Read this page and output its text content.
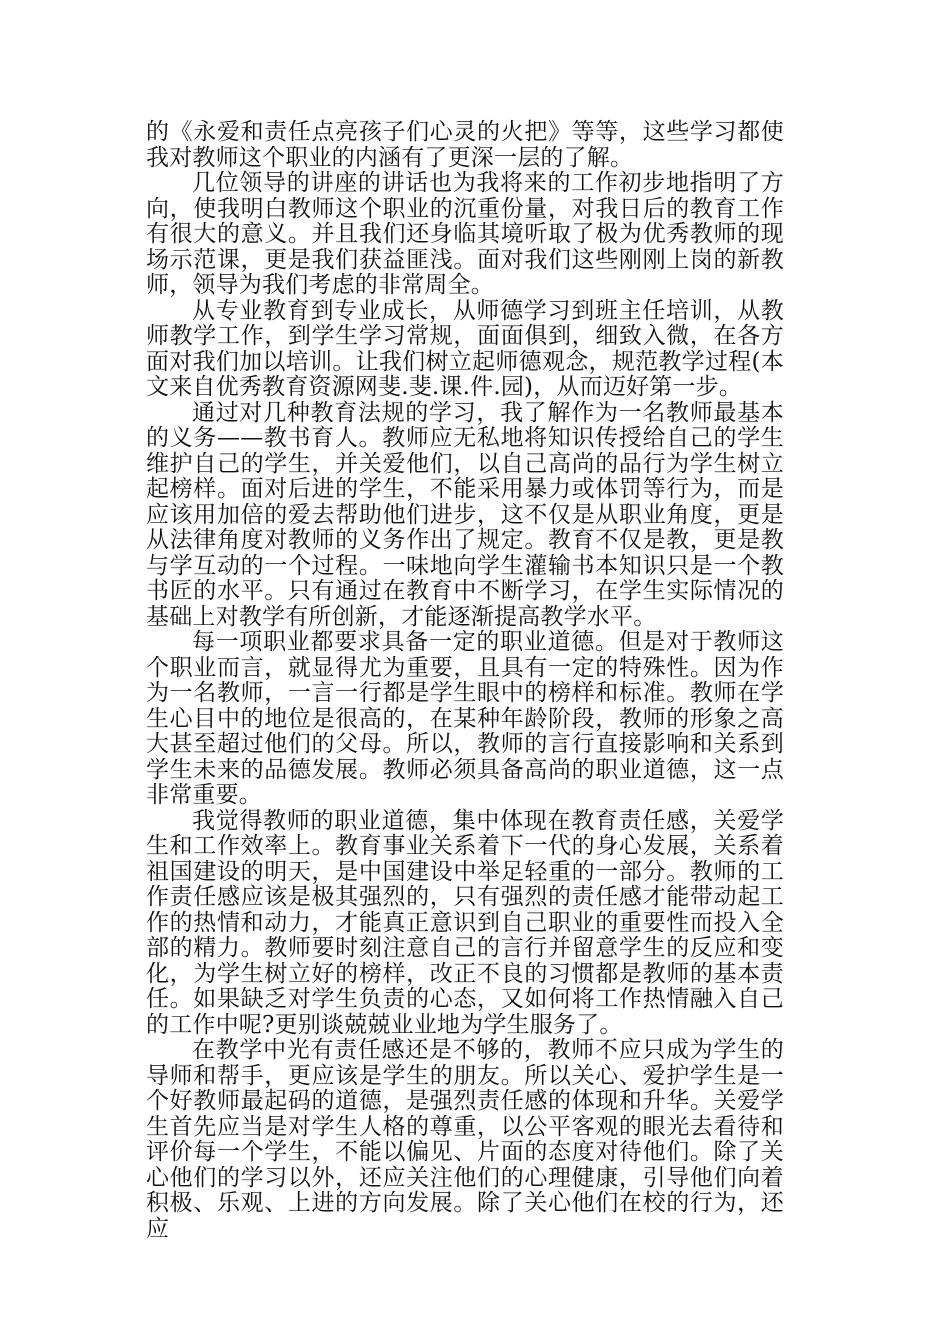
的《永爱和责任点亮孩子们心灵的火把》等等，这些学习都使我对教师这个职业的内涵有了更深一层的了解。

几位领导的讲座的讲话也为我将来的工作初步地指明了方向，使我明白教师这个职业的沉重份量，对我日后的教育工作有很大的意义。并且我们还身临其境听取了极为优秀教师的现场示范课，更是我们获益匪浅。面对我们这些刚刚上岗的新教师，领导为我们考虑的非常周全。

从专业教育到专业成长，从师德学习到班主任培训，从教师教学工作，到学生学习常规，面面俱到，细致入微，在各方面对我们加以培训。让我们树立起师德观念，规范教学过程(本文来自优秀教育资源网斐.斐.课.件.园)，从而迈好第一步。

通过对几种教育法规的学习，我了解作为一名教师最基本的义务——教书育人。教师应无私地将知识传授给自己的学生维护自己的学生，并关爱他们，以自己高尚的品行为学生树立起榜样。面对后进的学生，不能采用暴力或体罚等行为，而是应该用加倍的爱去帮助他们进步，这不仅是从职业角度，更是从法律角度对教师的义务作出了规定。教育不仅是教，更是教与学互动的一个过程。一味地向学生灌输书本知识只是一个教书匠的水平。只有通过在教育中不断学习，在学生实际情况的基础上对教学有所创新，才能逐渐提高教学水平。

每一项职业都要求具备一定的职业道德。但是对于教师这个职业而言，就显得尤为重要，且具有一定的特殊性。因为作为一名教师，一言一行都是学生眼中的榜样和标准。教师在学生心目中的地位是很高的，在某种年龄阶段，教师的形象之高大甚至超过他们的父母。所以，教师的言行直接影响和关系到学生未来的品德发展。教师必须具备高尚的职业道德，这一点非常重要。

我觉得教师的职业道德，集中体现在教育责任感，关爱学生和工作效率上。教育事业关系着下一代的身心发展，关系着祖国建设的明天，是中国建设中举足轻重的一部分。教师的工作责任感应该是极其强烈的，只有强烈的责任感才能带动起工作的热情和动力，才能真正意识到自己职业的重要性而投入全部的精力。教师要时刻注意自己的言行并留意学生的反应和变化，为学生树立好的榜样，改正不良的习惯都是教师的基本责任。如果缺乏对学生负责的心态，又如何将工作热情融入自己的工作中呢?更别谈兢兢业业地为学生服务了。

在教学中光有责任感还是不够的，教师不应只成为学生的导师和帮手，更应该是学生的朋友。所以关心、爱护学生是一个好教师最起码的道德，是强烈责任感的体现和升华。关爱学生首先应当是对学生人格的尊重，以公平客观的眼光去看待和评价每一个学生，不能以偏见、片面的态度对待他们。除了关心他们的学习以外，还应关注他们的心理健康，引导他们向着积极、乐观、上进的方向发展。除了关心他们在校的行为，还应
